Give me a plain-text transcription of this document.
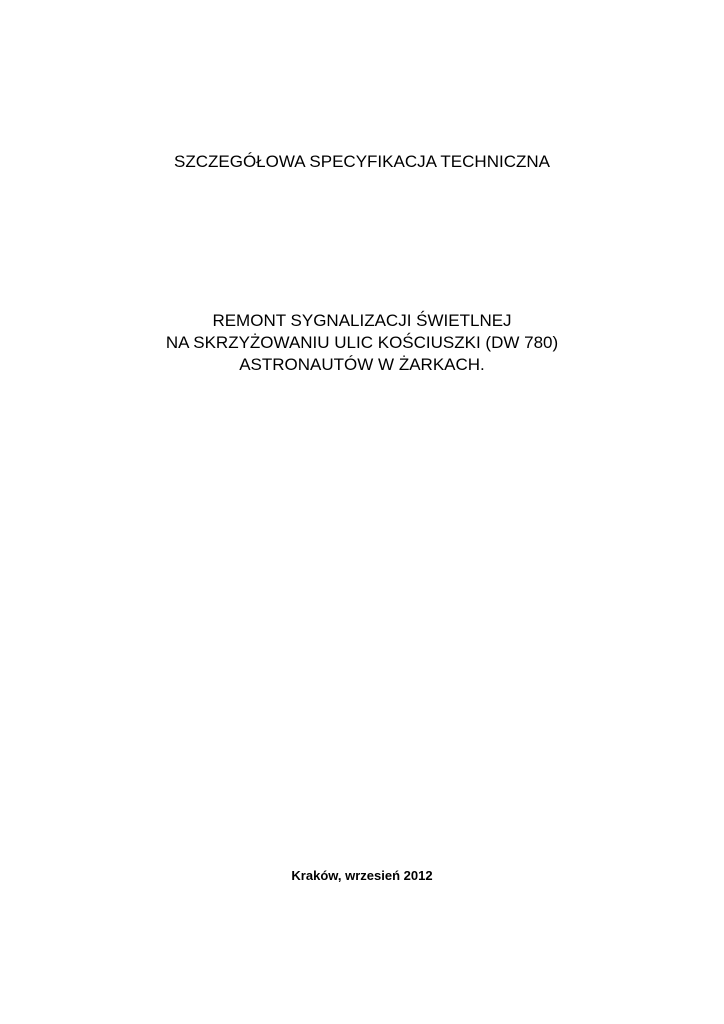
SZCZEGÓŁOWA SPECYFIKACJA TECHNICZNA
REMONT SYGNALIZACJI ŚWIETLNEJ
NA SKRZYŻOWANIU ULIC KOŚCIUSZKI (DW 780)
ASTRONAUTÓW W ŻARKACH.
Kraków, wrzesień 2012
